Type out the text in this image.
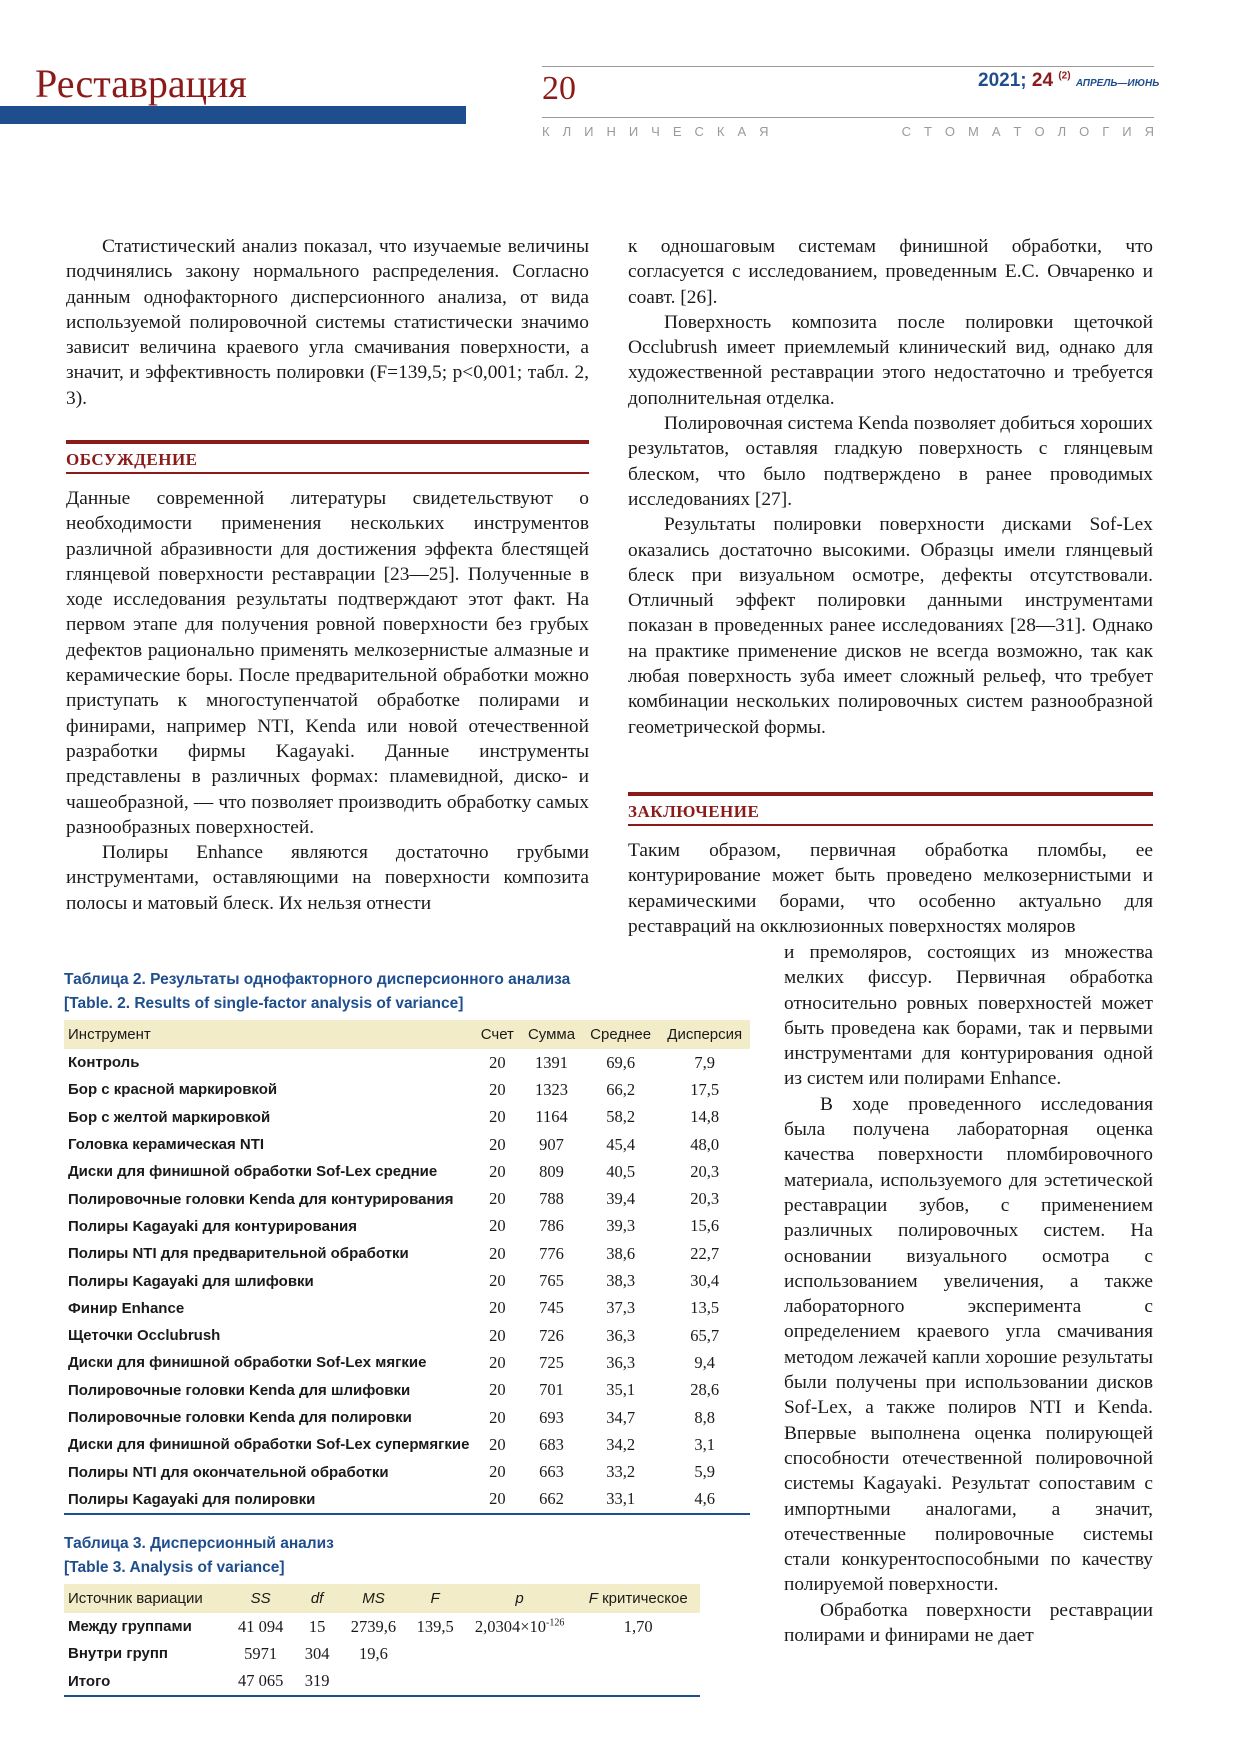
Реставрация	20	2021; 24 $^{(2)}$ АПРЕЛЬ—ИЮНЬ
К Л И Н И Ч Е С К А Я	С Т О М А Т О Л О Г И Я

Статистический анализ показал, что изучаемые величины подчинялись закону нормального распределения. Согласно данным однофакторного дисперсионного анализа, от вида используемой полировочной системы статистически значимо зависит величина краевого угла смачивания поверхности, а значит, и эффективность полировки (F=139,5; p<0,001; табл. 2, 3).

ОБСУЖДЕНИЕ

Данные современной литературы свидетельствуют о необходимости применения нескольких инструментов различной абразивности для достижения эффекта блестящей глянцевой поверхности реставрации [23—25]. Полученные в ходе исследования результаты подтверждают этот факт. На первом этапе для получения ровной поверхности без грубых дефектов рационально применять мелкозернистые алмазные и керамические боры. После предварительной обработки можно приступать к многоступенчатой обработке полирами и финирами, например NTI, Kenda или новой отечественной разработки фирмы Kagayaki. Данные инструменты представлены в различных формах: пламевидной, диско- и чашеобразной, — что позволяет производить обработку самых разнообразных поверхностей.

Полиры Enhance являются достаточно грубыми инструментами, оставляющими на поверхности композита полосы и матовый блеск. Их нельзя отнести

к одношаговым системам финишной обработки, что согласуется с исследованием, проведенным Е.С. Овчаренко и соавт. [26].

Поверхность композита после полировки щеточкой Occlubrush имеет приемлемый клинический вид, однако для художественной реставрации этого недостаточно и требуется дополнительная отделка.

Полировочная система Kenda позволяет добиться хороших результатов, оставляя гладкую поверхность с глянцевым блеском, что было подтверждено в ранее проводимых исследованиях [27].

Результаты полировки поверхности дисками Sof-Lex оказались достаточно высокими. Образцы имели глянцевый блеск при визуальном осмотре, дефекты отсутствовали. Отличный эффект полировки данными инструментами показан в проведенных ранее исследованиях [28—31]. Однако на практике применение дисков не всегда возможно, так как любая поверхность зуба имеет сложный рельеф, что требует комбинации нескольких полировочных систем разнообразной геометрической формы.

ЗАКЛЮЧЕНИЕ

Таким образом, первичная обработка пломбы, ее контурирование может быть проведено мелкозернистыми и керамическими борами, что особенно актуально для реставраций на окклюзионных поверхностях моляров

и премоляров, состоящих из множества мелких фиссур. Первичная обработка относительно ровных поверхностей может быть проведена как борами, так и первыми инструментами для контурирования одной из систем или полирами Enhance.

В ходе проведенного исследования была получена лабораторная оценка качества поверхности пломбировочного материала, используемого для эстетической реставрации зубов, с применением различных полировочных систем. На основании визуального осмотра с использованием увеличения, а также лабораторного эксперимента с определением краевого угла смачивания методом лежачей капли хорошие результаты были получены при использовании дисков Sof-Lex, а также полиров NTI и Kenda. Впервые выполнена оценка полирующей способности отечественной полировочной системы Kagayaki. Результат сопоставим с импортными аналогами, а значит, отечественные полировочные системы стали конкурентоспособными по качеству полируемой поверхности.

Обработка поверхности реставрации полирами и финирами не дает

Таблица 2. Результаты однофакторного дисперсионного анализа
[Table. 2. Results of single-factor analysis of variance]
Инструмент	Счет	Сумма	Среднее	Дисперсия
Контроль	20	1391	69,6	7,9
Бор с красной маркировкой	20	1323	66,2	17,5
Бор с желтой маркировкой	20	1164	58,2	14,8
Головка керамическая NTI	20	907	45,4	48,0
Диски для финишной обработки Sof-Lex средние	20	809	40,5	20,3
Полировочные головки Kenda для контурирования	20	788	39,4	20,3
Полиры Kagayaki для контурирования	20	786	39,3	15,6
Полиры NTI для предварительной обработки	20	776	38,6	22,7
Полиры Kagayaki для шлифовки	20	765	38,3	30,4
Финир Enhance	20	745	37,3	13,5
Щеточки Occlubrush	20	726	36,3	65,7
Диски для финишной обработки Sof-Lex мягкие	20	725	36,3	9,4
Полировочные головки Kenda для шлифовки	20	701	35,1	28,6
Полировочные головки Kenda для полировки	20	693	34,7	8,8
Диски для финишной обработки Sof-Lex супермягкие	20	683	34,2	3,1
Полиры NTI для окончательной обработки	20	663	33,2	5,9
Полиры Kagayaki для полировки	20	662	33,1	4,6
Таблица 3. Дисперсионный анализ
[Table 3. Analysis of variance]
Источник вариации	SS	df	MS	F	p	F критическое
Между группами	41 094	15	2739,6	139,5	$2,0304\times 10^{-126}$	1,70
Внутри групп	5971	304	19,6			
Итого	47 065	319				
